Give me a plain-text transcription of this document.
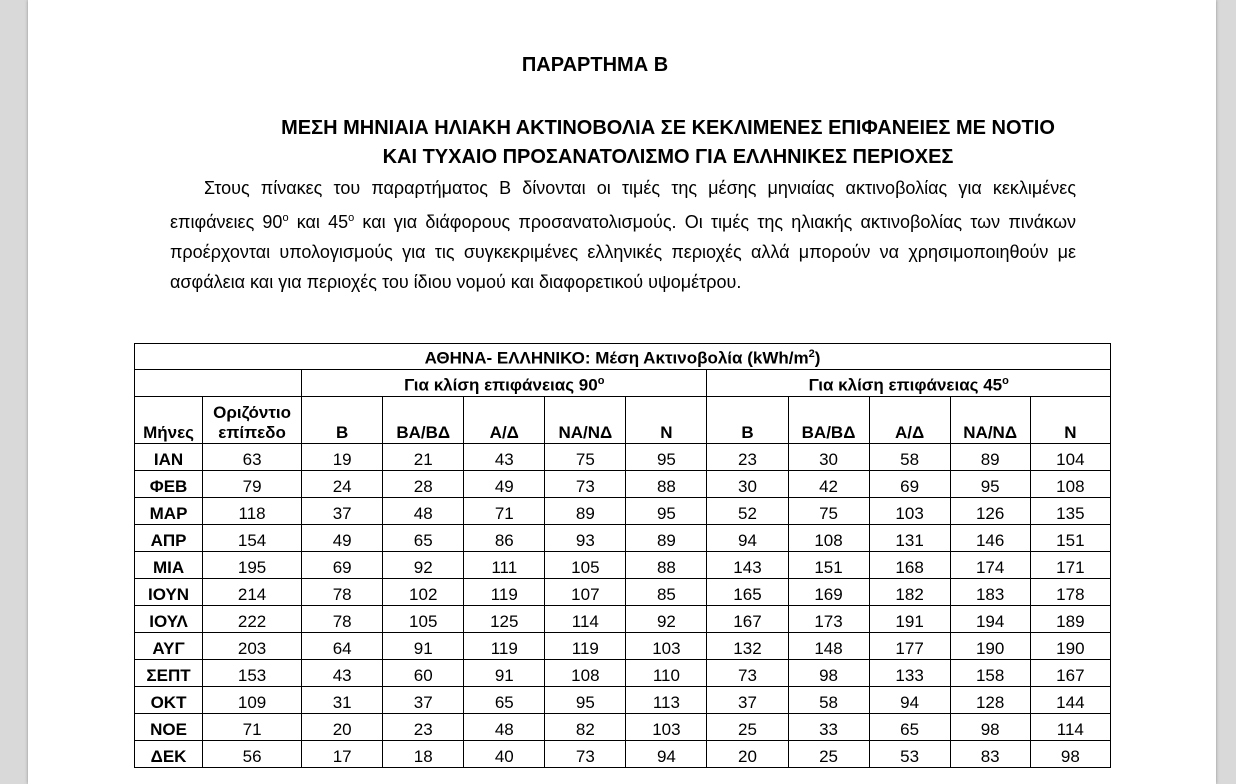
ΠΑΡΑΡΤΗΜΑ Β
ΜΕΣΗ ΜΗΝΙΑΙΑ ΗΛΙΑΚΗ ΑΚΤΙΝΟΒΟΛΙΑ ΣΕ ΚΕΚΛΙΜΕΝΕΣ ΕΠΙΦΑΝΕΙΕΣ ΜΕ ΝΟΤΙΟ
ΚΑΙ ΤΥΧΑΙΟ ΠΡΟΣΑΝΑΤΟΛΙΣΜΟ ΓΙΑ ΕΛΛΗΝΙΚΕΣ ΠΕΡΙΟΧΕΣ

Στους πίνακες του παραρτήματος Β δίνονται οι τιμές της μέσης μηνιαίας ακτινοβολίας για κεκλιμένες επιφάνειες $90^o$ και $45^o$ και για διάφορους προσανατολισμούς. Οι τιμές της ηλιακής ακτινοβολίας των πινάκων προέρχονται υπολογισμούς για τις συγκεκριμένες ελληνικές περιοχές αλλά μπορούν να χρησιμοποιηθούν με ασφάλεια και για περιοχές του ίδιου νομού και διαφορετικού υψομέτρου.

ΑΘΗΝΑ- ΕΛΛΗΝΙΚΟ: Μέση Ακτινοβολία $(kWh/m^2)$											
		Για κλίση επιφάνειας $90^o$					Για κλίση επιφάνειας $45^o$
Μήνες	Οριζόντιο επίπεδο	Β	ΒΑ/ΒΔ	Α/Δ	ΝΑ/ΝΔ	Ν	Β	ΒΑ/ΒΔ	Α/Δ	ΝΑ/ΝΔ	Ν
ΙΑΝ	63	19	21	43	75	95	23	30	58	89	104
ΦΕΒ	79	24	28	49	73	88	30	42	69	95	108
ΜΑΡ	118	37	48	71	89	95	52	75	103	126	135
ΑΠΡ	154	49	65	86	93	89	94	108	131	146	151
ΜΙΑ	195	69	92	111	105	88	143	151	168	174	171
ΙΟΥΝ	214	78	102	119	107	85	165	169	182	183	178
ΙΟΥΛ	222	78	105	125	114	92	167	173	191	194	189
ΑΥΓ	203	64	91	119	119	103	132	148	177	190	190
ΣΕΠΤ	153	43	60	91	108	110	73	98	133	158	167
ΟΚΤ	109	31	37	65	95	113	37	58	94	128	144
ΝΟΕ	71	20	23	48	82	103	25	33	65	98	114
ΔΕΚ	56	17	18	40	73	94	20	25	53	83	98
